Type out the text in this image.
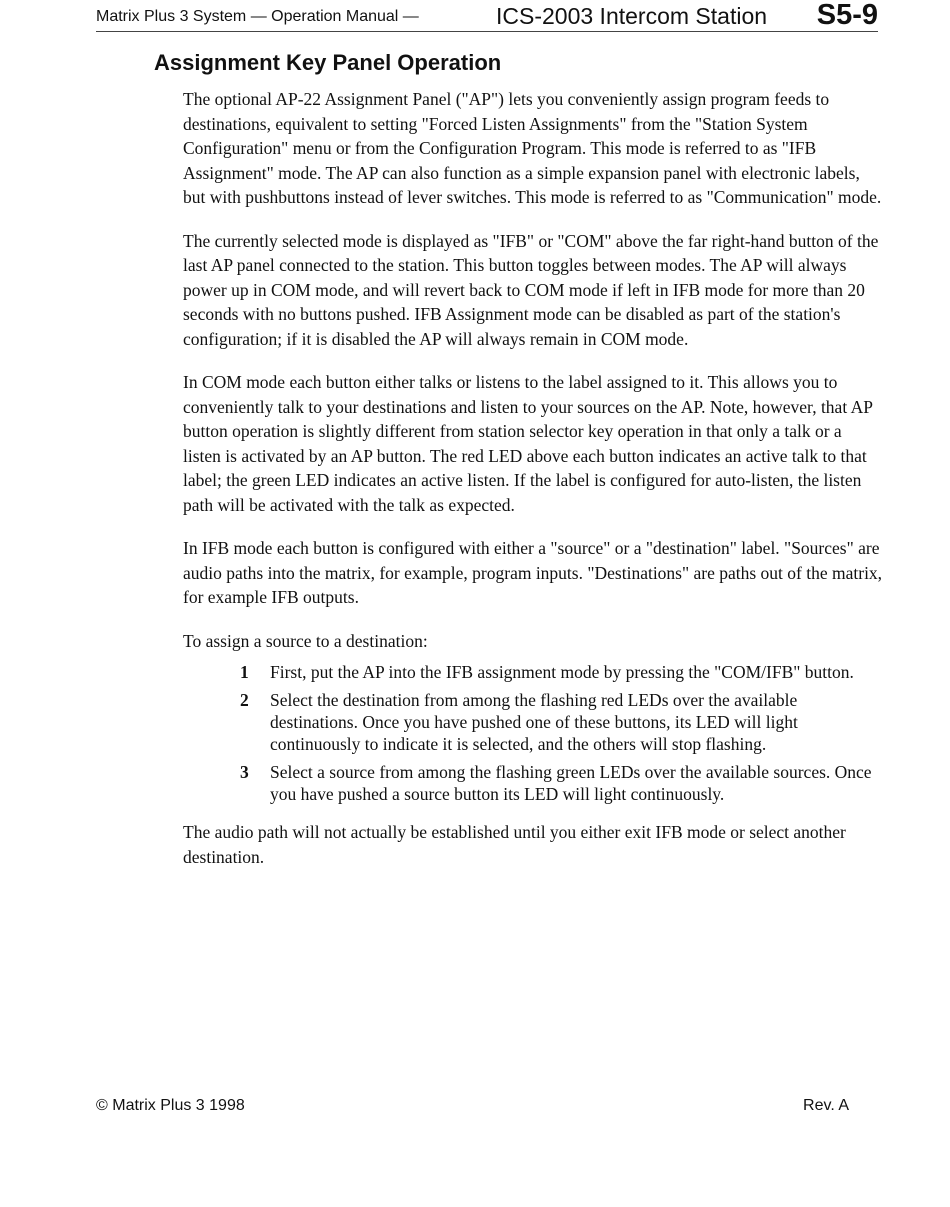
Matrix Plus 3 System — Operation Manual —	ICS-2003 Intercom Station S5-9
Assignment Key Panel Operation

The optional AP-22 Assignment Panel ("AP") lets you conveniently assign program feeds to destinations, equivalent to setting "Forced Listen Assignments" from the "Station System Configuration" menu or from the Configuration Program. This mode is referred to as "IFB Assignment" mode. The AP can also function as a simple expansion panel with electronic labels, but with pushbuttons instead of lever switches. This mode is referred to as "Communication" mode.

The currently selected mode is displayed as "IFB" or "COM" above the far right-hand button of the last AP panel connected to the station. This button toggles between modes. The AP will always power up in COM mode, and will revert back to COM mode if left in IFB mode for more than 20 seconds with no buttons pushed. IFB Assignment mode can be disabled as part of the station's configuration; if it is disabled the AP will always remain in COM mode.

In COM mode each button either talks or listens to the label assigned to it. This allows you to conveniently talk to your destinations and listen to your sources on the AP. Note, however, that AP button operation is slightly different from station selector key operation in that only a talk or a listen is activated by an AP button. The red LED above each button indicates an active talk to that label; the green LED indicates an active listen. If the label is configured for auto-listen, the listen path will be activated with the talk as expected.

In IFB mode each button is configured with either a "source" or a "destination" label. "Sources" are audio paths into the matrix, for example, program inputs. "Destinations" are paths out of the matrix, for example IFB outputs.

To assign a source to a destination:

1 First, put the AP into the IFB assignment mode by pressing the "COM/IFB" button.
2 Select the destination from among the flashing red LEDs over the available destinations. Once you have pushed one of these buttons, its LED will light continuously to indicate it is selected, and the others will stop flashing.
3 Select a source from among the flashing green LEDs over the available sources. Once you have pushed a source button its LED will light continuously.

The audio path will not actually be established until you either exit IFB mode or select another destination.

© Matrix Plus 3 1998	Rev. A
